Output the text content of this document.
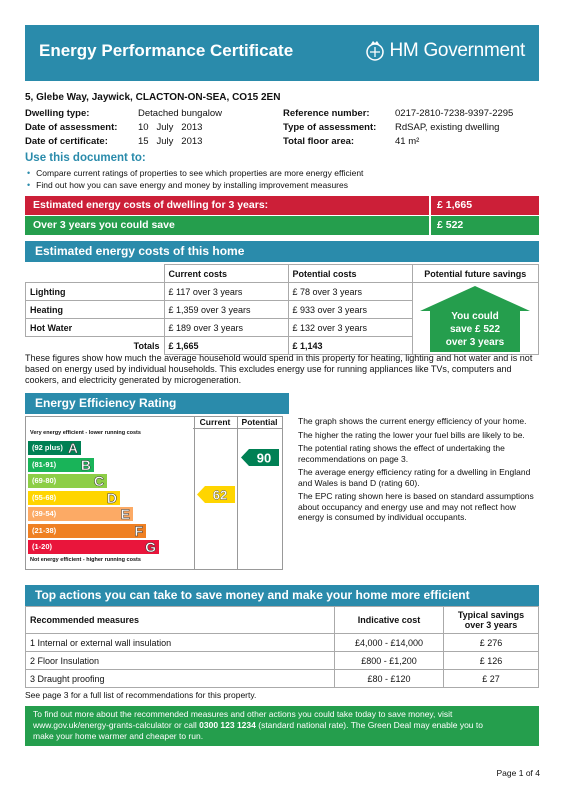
Energy Performance Certificate	HM Government
5, Glebe Way, Jaywick, CLACTON-ON-SEA, CO15 2EN
Dwelling type:	Detached bungalow
Date of assessment: 10   July   2013
Date of certificate:	15   July   2013
Reference number:	0217-2810-7238-9397-2295
Type of assessment: RdSAP, existing dwelling
Total floor area:	41 m²
Use this document to:
• Compare current ratings of properties to see which properties are more energy efficient
• Find out how you can save energy and money by installing improvement measures
Estimated energy costs of dwelling for 3 years:	£ 1,665
Over 3 years you could save	£ 522
Estimated energy costs of this home
	Current costs	Potential costs	Potential future savings
Lighting	£ 117 over 3 years	£ 78 over 3 years	You could
save £ 522
over 3 years

Heating	£ 1,359 over 3 years	£ 933 over 3 years	
Hot Water	£ 189 over 3 years	£ 132 over 3 years	
Totals	£ 1,665	£ 1,143	
These figures show how much the average household would spend in this property for heating, lighting and hot water and is not based on energy used by individual households. This excludes energy use for running appliances like TVs, computers and cookers, and electricity generated by microgeneration.
Energy Efficiency Rating
Current	Potential
Very energy efficient - lower running costs
Not energy efficient - higher running costs
(92 plus) A
(81-91) B
(69-80)	C
(55-68)	D
(39-54)	E
(21-38)	F
(1-20)	G
62
90
The graph shows the current energy efficiency of your home.
The higher the rating the lower your fuel bills are likely to be.
The potential rating shows the effect of undertaking the recommendations on page 3.
The average energy efficiency rating for a dwelling in England and Wales is band D (rating 60).
The EPC rating shown here is based on standard assumptions about occupancy and energy use and may not reflect how energy is consumed by individual occupants.
Top actions you can take to save money and make your home more efficient
Recommended measures	Indicative cost	Typical savings over 3 years
1 Internal or external wall insulation	£4,000 - £14,000	£ 276
2 Floor Insulation	£800 - £1,200	£ 126
3 Draught proofing	£80 - £120	£ 27
See page 3 for a full list of recommendations for this property.
To find out more about the recommended measures and other actions you could take today to save money, visit
www.gov.uk/energy-grants-calculator or call 0300 123 1234 (standard national rate). The Green Deal may enable you to
make your home warmer and cheaper to run.
Page 1 of 4
